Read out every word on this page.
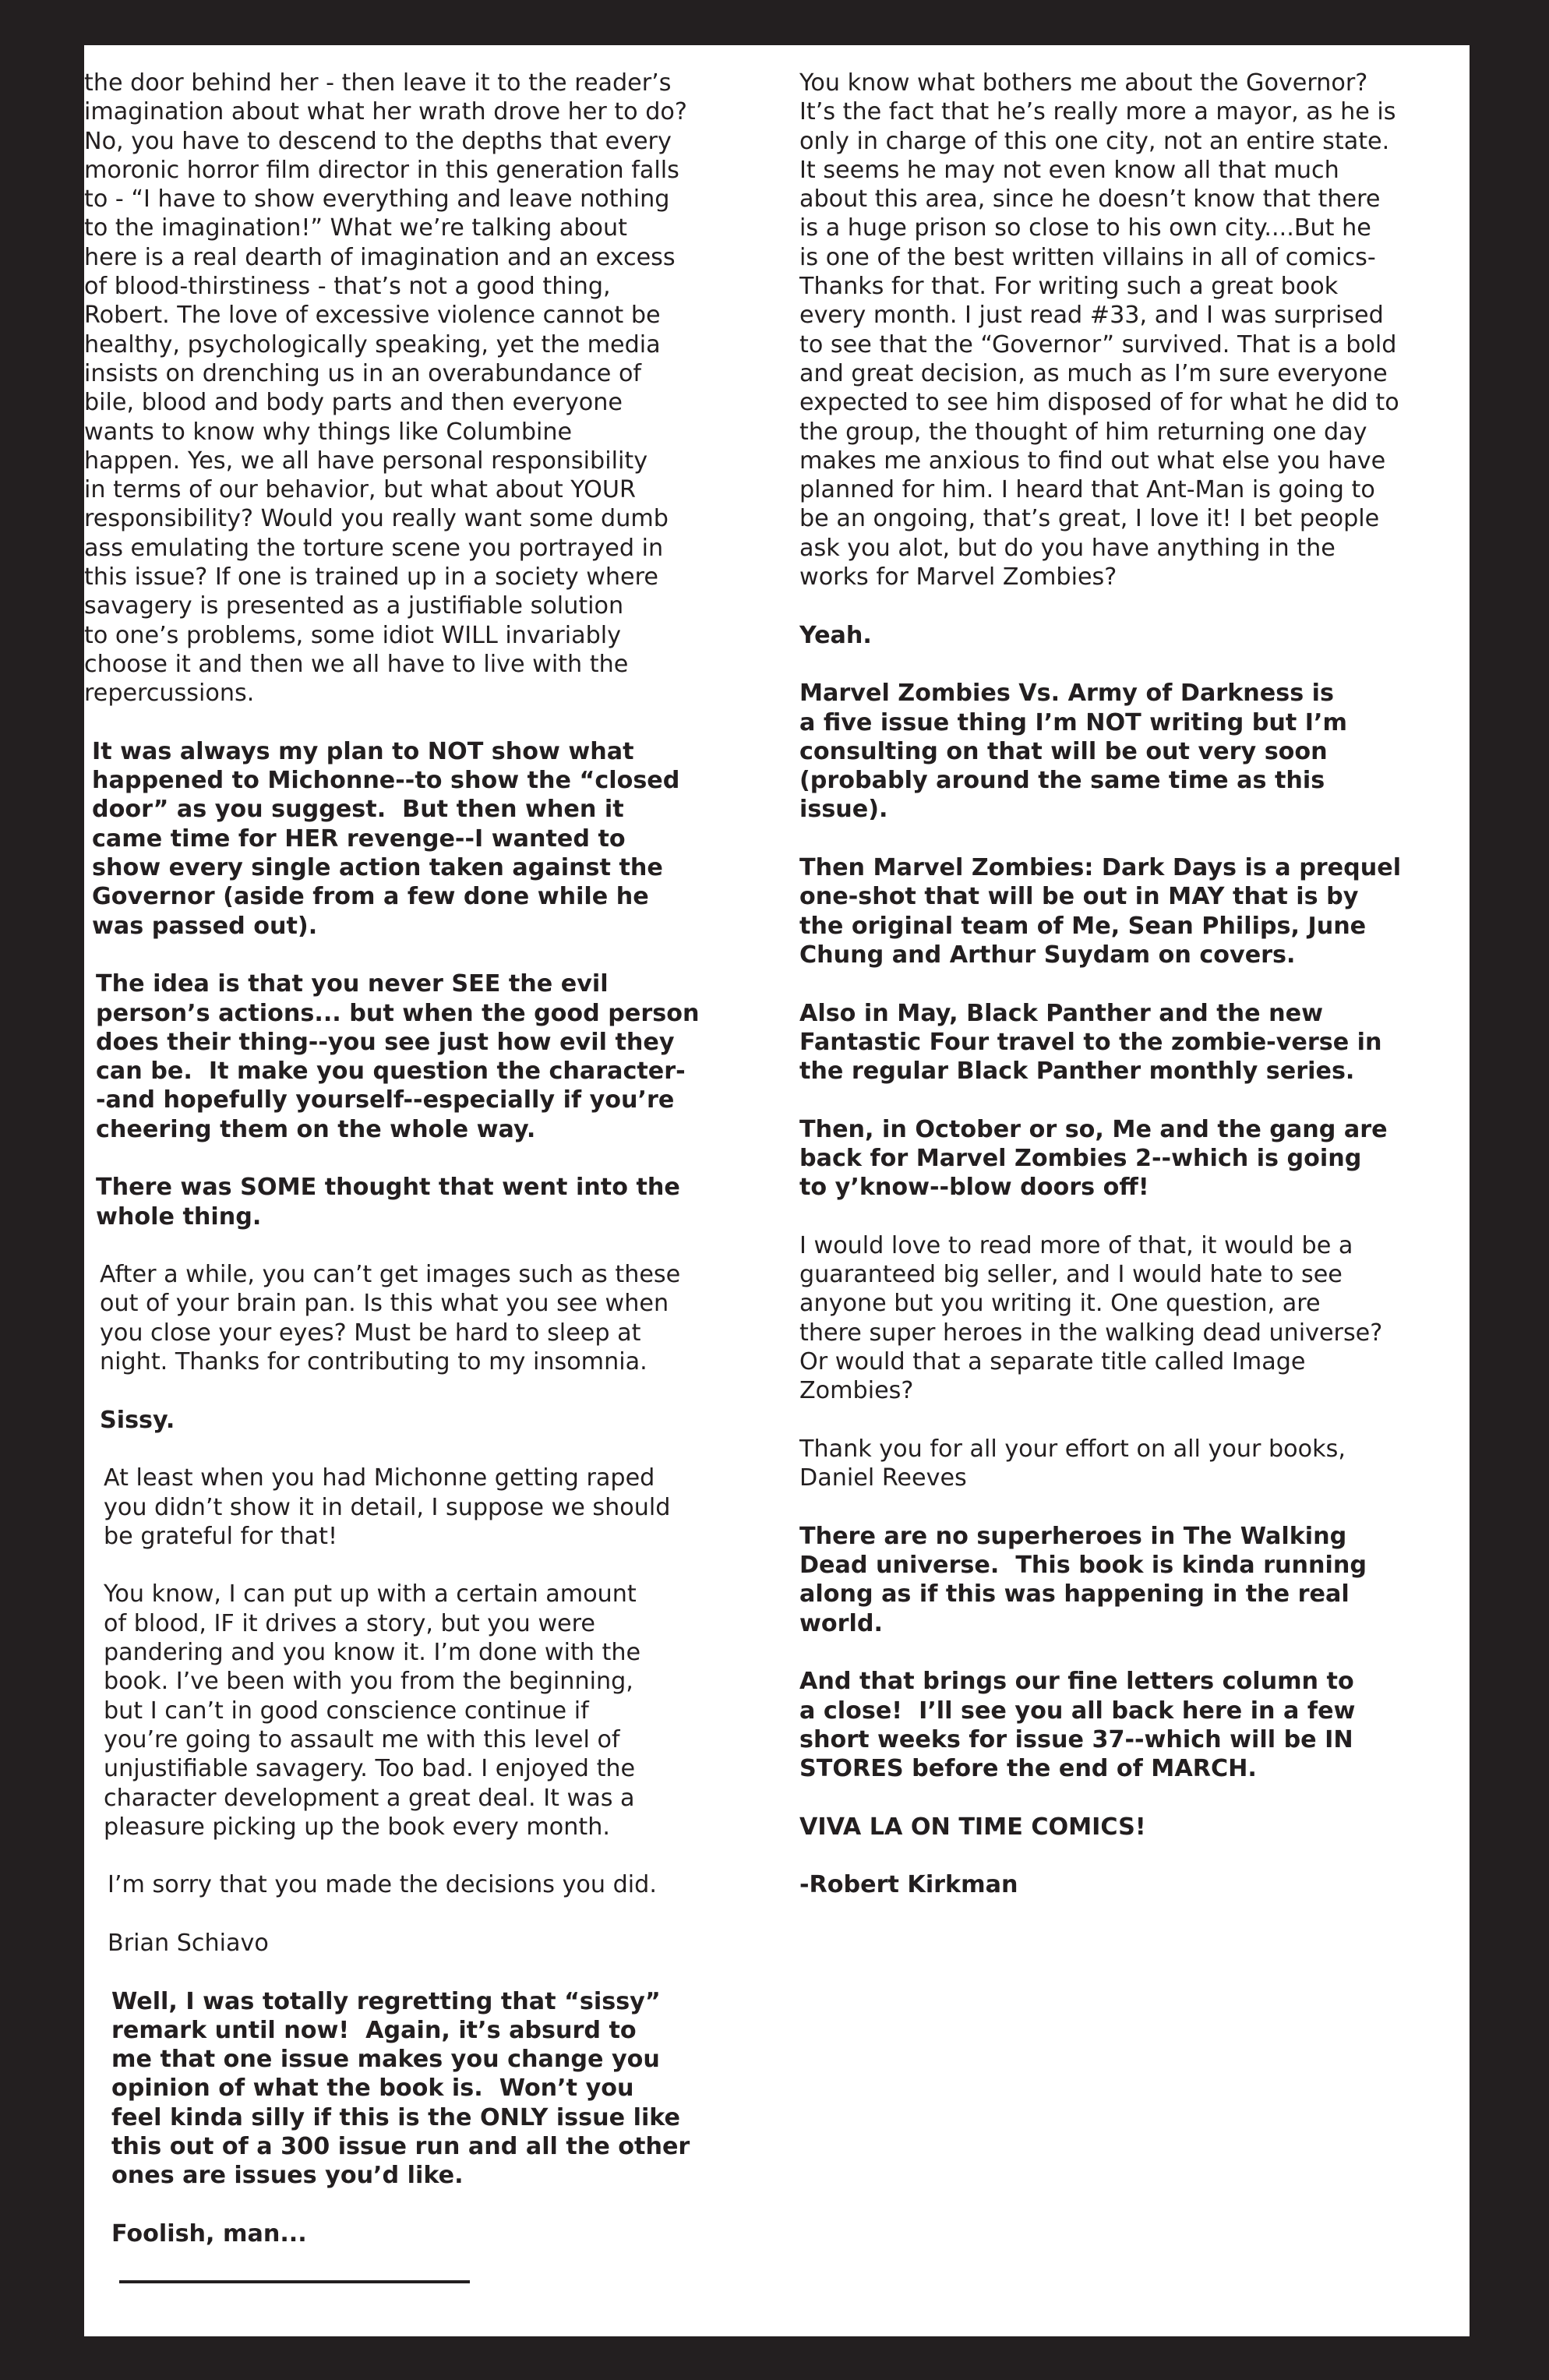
the door behind her - then leave it to the reader’s
imagination about what her wrath drove her to do?
No, you have to descend to the depths that every
moronic horror film director in this generation falls
to - “I have to show everything and leave nothing
to the imagination!” What we’re talking about
here is a real dearth of imagination and an excess
of blood-thirstiness - that’s not a good thing,
Robert. The love of excessive violence cannot be
healthy, psychologically speaking, yet the media
insists on drenching us in an overabundance of
bile, blood and body parts and then everyone
wants to know why things like Columbine
happen. Yes, we all have personal responsibility
in terms of our behavior, but what about YOUR
responsibility? Would you really want some dumb
ass emulating the torture scene you portrayed in
this issue? If one is trained up in a society where
savagery is presented as a justifiable solution
to one’s problems, some idiot WILL invariably
choose it and then we all have to live with the
repercussions.
It was always my plan to NOT show what
happened to Michonne--to show the “closed
door” as you suggest.  But then when it
came time for HER revenge--I wanted to
show every single action taken against the
Governor (aside from a few done while he
was passed out).
The idea is that you never SEE the evil
person’s actions... but when the good person
does their thing--you see just how evil they
can be.  It make you question the character-
-and hopefully yourself--especially if you’re
cheering them on the whole way.
There was SOME thought that went into the
whole thing.
After a while, you can’t get images such as these
out of your brain pan. Is this what you see when
you close your eyes? Must be hard to sleep at
night. Thanks for contributing to my insomnia.
Sissy.
At least when you had Michonne getting raped
you didn’t show it in detail, I suppose we should
be grateful for that!
You know, I can put up with a certain amount
of blood, IF it drives a story, but you were
pandering and you know it. I’m done with the
book. I’ve been with you from the beginning,
but I can’t in good conscience continue if
you’re going to assault me with this level of
unjustifiable savagery. Too bad. I enjoyed the
character development a great deal. It was a
pleasure picking up the book every month.
I’m sorry that you made the decisions you did.
Brian Schiavo
Well, I was totally regretting that “sissy”
remark until now!  Again, it’s absurd to
me that one issue makes you change you
opinion of what the book is.  Won’t you
feel kinda silly if this is the ONLY issue like
this out of a 300 issue run and all the other
ones are issues you’d like.
Foolish, man...
You know what bothers me about the Governor?
It’s the fact that he’s really more a mayor, as he is
only in charge of this one city, not an entire state.
It seems he may not even know all that much
about this area, since he doesn’t know that there
is a huge prison so close to his own city....But he
is one of the best written villains in all of comics-
Thanks for that. For writing such a great book
every month. I just read #33, and I was surprised
to see that the “Governor” survived. That is a bold
and great decision, as much as I’m sure everyone
expected to see him disposed of for what he did to
the group, the thought of him returning one day
makes me anxious to find out what else you have
planned for him. I heard that Ant-Man is going to
be an ongoing, that’s great, I love it! I bet people
ask you alot, but do you have anything in the
works for Marvel Zombies?
Yeah.
Marvel Zombies Vs. Army of Darkness is
a five issue thing I’m NOT writing but I’m
consulting on that will be out very soon
(probably around the same time as this
issue).
Then Marvel Zombies: Dark Days is a prequel
one-shot that will be out in MAY that is by
the original team of Me, Sean Philips, June
Chung and Arthur Suydam on covers.
Also in May, Black Panther and the new
Fantastic Four travel to the zombie-verse in
the regular Black Panther monthly series.
Then, in October or so, Me and the gang are
back for Marvel Zombies 2--which is going
to y’know--blow doors off!
I would love to read more of that, it would be a
guaranteed big seller, and I would hate to see
anyone but you writing it. One question, are
there super heroes in the walking dead universe?
Or would that a separate title called Image
Zombies?
Thank you for all your effort on all your books,
Daniel Reeves
There are no superheroes in The Walking
Dead universe.  This book is kinda running
along as if this was happening in the real
world.
And that brings our fine letters column to
a close!  I’ll see you all back here in a few
short weeks for issue 37--which will be IN
STORES before the end of MARCH.
VIVA LA ON TIME COMICS!
-Robert Kirkman
